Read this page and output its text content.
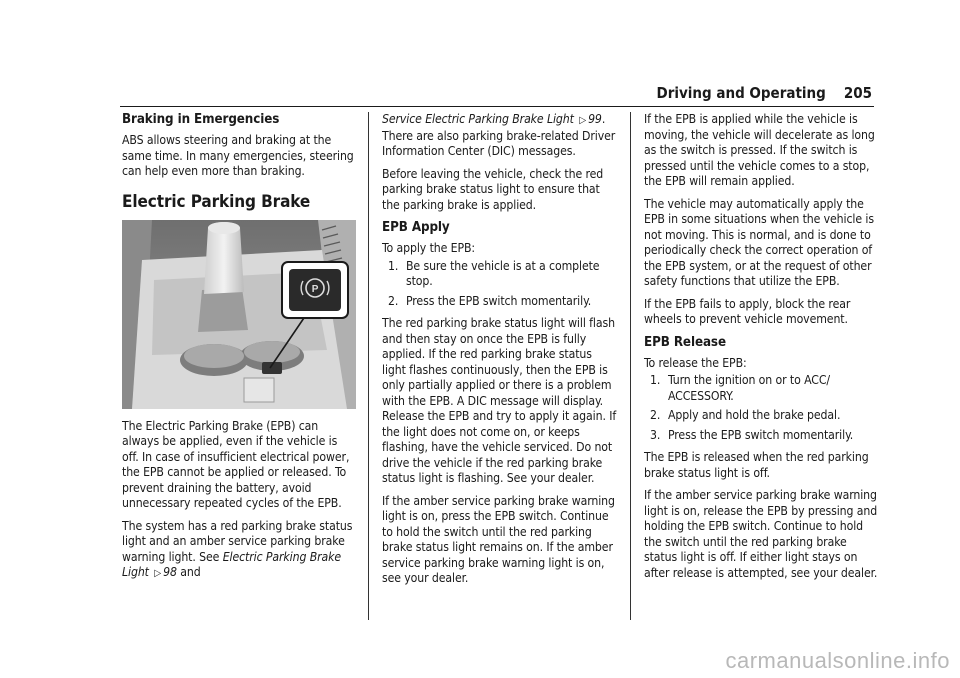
Driving and Operating 205
Braking in Emergencies

ABS allows steering and braking at the same time. In many emergencies, steering can help even more than braking.

Electric Parking Brake
P

The Electric Parking Brake (EPB) can always be applied, even if the vehicle is off. In case of insufficient electrical power, the EPB cannot be applied or released. To prevent draining the battery, avoid unnecessary repeated cycles of the EPB.

The system has a red parking brake status light and an amber service parking brake warning light. See Electric Parking Brake Light ▷ 98 and

Service Electric Parking Brake Light ▷ 99. There are also parking brake-related Driver Information Center (DIC) messages.

Before leaving the vehicle, check the red parking brake status light to ensure that the parking brake is applied.

EPB Apply

To apply the EPB:

1. Be sure the vehicle is at a complete stop.
2. Press the EPB switch momentarily.

The red parking brake status light will flash and then stay on once the EPB is fully applied. If the red parking brake status light flashes continuously, then the EPB is only partially applied or there is a problem with the EPB. A DIC message will display. Release the EPB and try to apply it again. If the light does not come on, or keeps flashing, have the vehicle serviced. Do not drive the vehicle if the red parking brake status light is flashing. See your dealer.

If the amber service parking brake warning light is on, press the EPB switch. Continue to hold the switch until the red parking brake status light remains on. If the amber service parking brake warning light is on, see your dealer.

If the EPB is applied while the vehicle is moving, the vehicle will decelerate as long as the switch is pressed. If the switch is pressed until the vehicle comes to a stop, the EPB will remain applied.

The vehicle may automatically apply the EPB in some situations when the vehicle is not moving. This is normal, and is done to periodically check the correct operation of the EPB system, or at the request of other safety functions that utilize the EPB.

If the EPB fails to apply, block the rear wheels to prevent vehicle movement.

EPB Release

To release the EPB:

1. Turn the ignition on or to ACC/ ACCESSORY.
2. Apply and hold the brake pedal.
3. Press the EPB switch momentarily.

The EPB is released when the red parking brake status light is off.

If the amber service parking brake warning light is on, release the EPB by pressing and holding the EPB switch. Continue to hold the switch until the red parking brake status light is off. If either light stays on after release is attempted, see your dealer.

carmanualsonline.info
